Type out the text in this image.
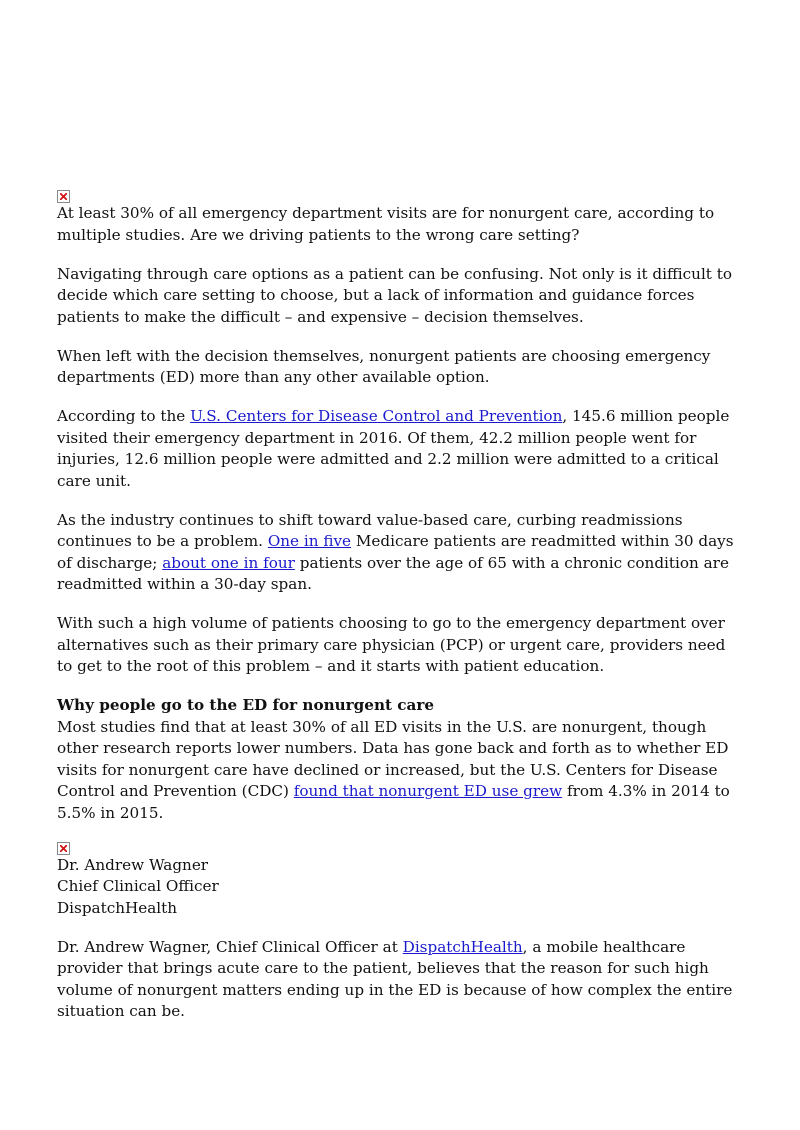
At least 30% of all emergency department visits are for nonurgent care, according to multiple studies. Are we driving patients to the wrong care setting?

Navigating through care options as a patient can be confusing. Not only is it difficult to decide which care setting to choose, but a lack of information and guidance forces patients to make the difficult – and expensive – decision themselves.

When left with the decision themselves, nonurgent patients are choosing emergency departments (ED) more than any other available option.

According to the U.S. Centers for Disease Control and Prevention, 145.6 million people visited their emergency department in 2016. Of them, 42.2 million people went for injuries, 12.6 million people were admitted and 2.2 million were admitted to a critical care unit.

As the industry continues to shift toward value-based care, curbing readmissions continues to be a problem. One in five Medicare patients are readmitted within 30 days of discharge; about one in four patients over the age of 65 with a chronic condition are readmitted within a 30-day span.

With such a high volume of patients choosing to go to the emergency department over alternatives such as their primary care physician (PCP) or urgent care, providers need to get to the root of this problem – and it starts with patient education.

Why people go to the ED for nonurgent care

Most studies find that at least 30% of all ED visits in the U.S. are nonurgent, though other research reports lower numbers. Data has gone back and forth as to whether ED visits for nonurgent care have declined or increased, but the U.S. Centers for Disease Control and Prevention (CDC) found that nonurgent ED use grew from 4.3% in 2014 to 5.5% in 2015.

Dr. Andrew Wagner
Chief Clinical Officer
DispatchHealth

Dr. Andrew Wagner, Chief Clinical Officer at DispatchHealth, a mobile healthcare provider that brings acute care to the patient, believes that the reason for such high volume of nonurgent matters ending up in the ED is because of how complex the entire situation can be.
